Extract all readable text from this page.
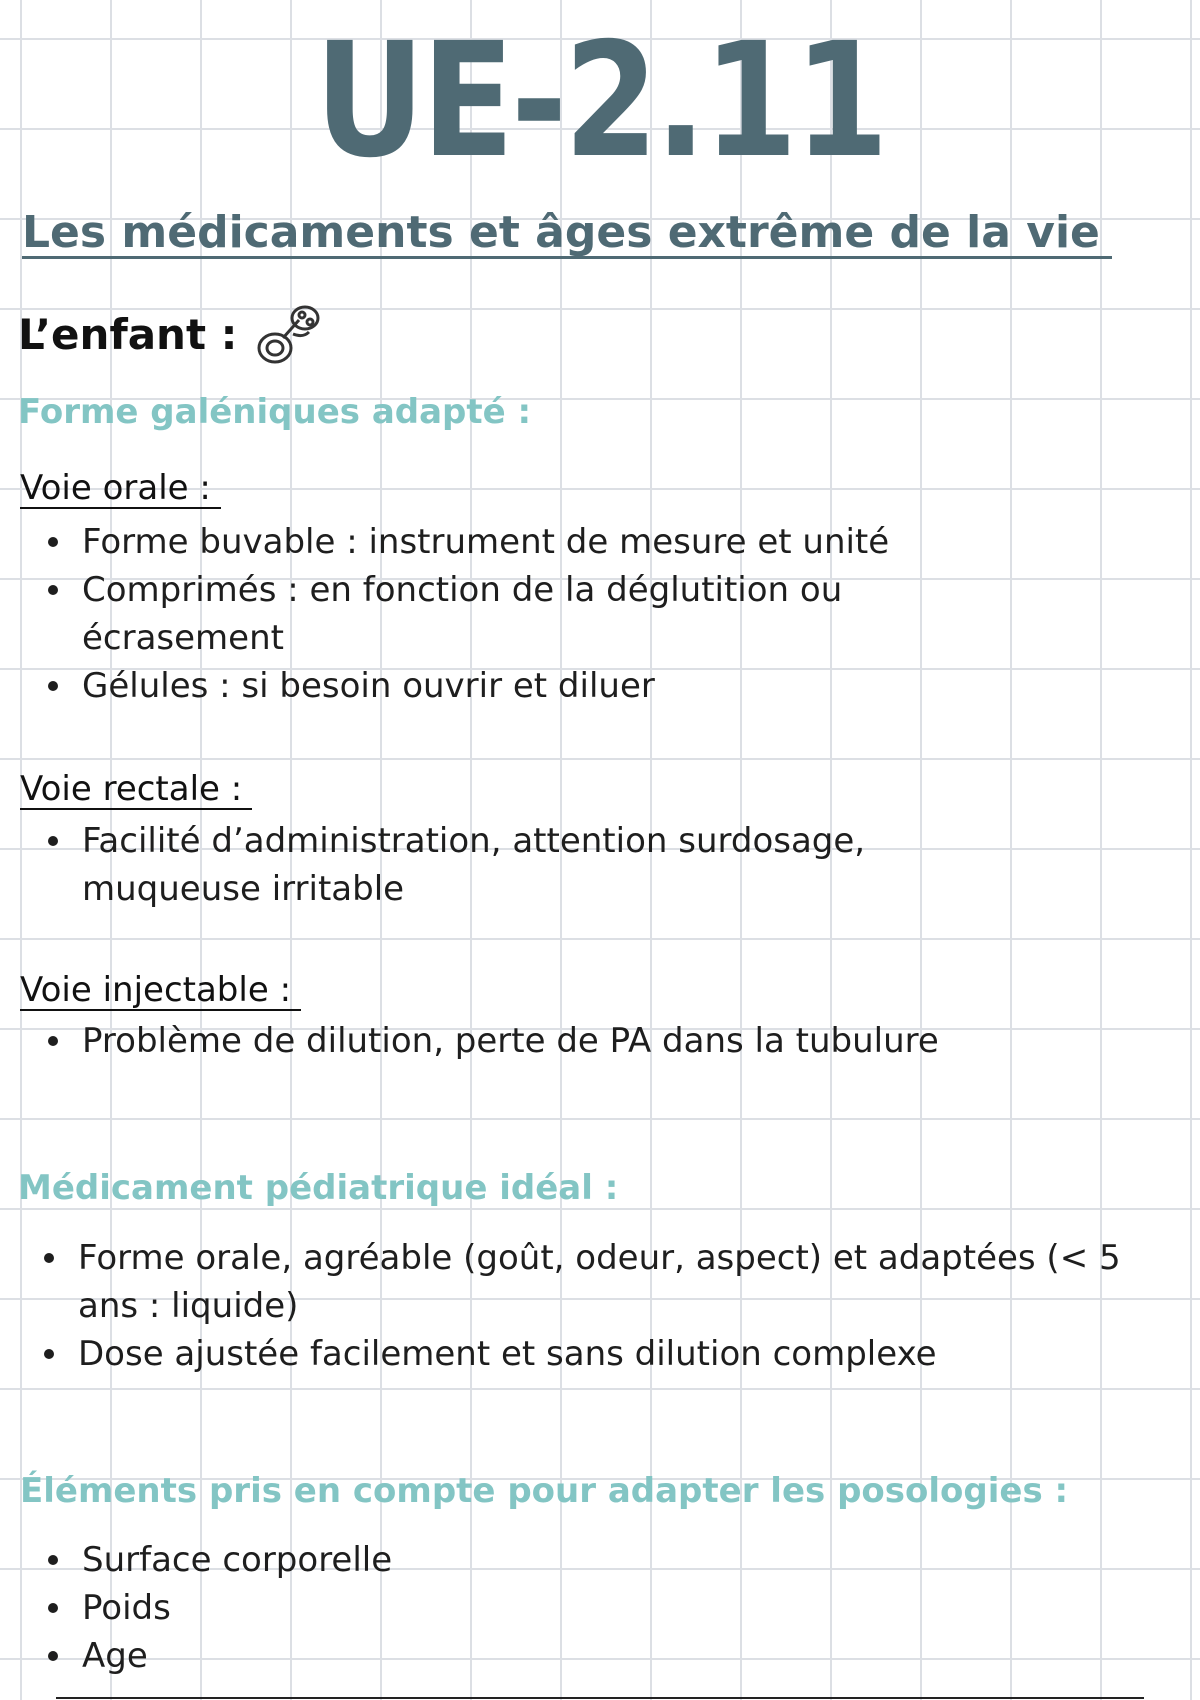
UE-2.11
Les médicaments et âges extrême de la vie
L’enfant :
Forme galéniques adapté :
Voie orale :
Forme buvable : instrument de mesure et unité
Comprimés : en fonction de la déglutition ou écrasement
Gélules : si besoin ouvrir et diluer
Voie rectale :
Facilité d’administration, attention surdosage, muqueuse irritable
Voie injectable :
Problème de dilution, perte de PA dans la tubulure
Médicament pédiatrique idéal :
Forme orale, agréable (goût, odeur, aspect) et adaptées (< 5 ans : liquide)
Dose ajustée facilement et sans dilution complexe
Éléments pris en compte pour adapter les posologies :
Surface corporelle
Poids
Age
